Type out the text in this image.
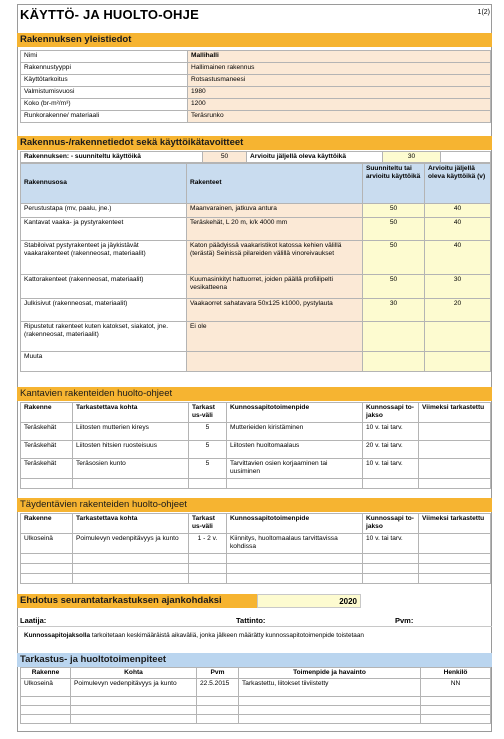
KÄYTTÖ- JA HUOLTO-OHJE	1(2)
Rakennuksen yleistiedot
Nimi	Mallihalli
Rakennustyyppi	Hallimainen rakennus
Käyttötarkoitus	Rotsastusmaneesi
Valmistumisvuosi	1980
Koko (br-m²/m³)	1200
Runkorakenne/ materiaali	Teräsrunko
Rakennus-/rakennetiedot sekä käyttöikätavoitteet
Rakennuksen: - suunniteltu käyttöikä	50	Arvioitu jäljellä oleva käyttöikä	30	
Rakennusosa	Rakenteet	Suunniteltu tai arvioitu käyttöikä	Arvioitu jäljellä oleva käyttöikä (v)
Perustustapa (mv, paalu, jne.)	Maanvarainen, jatkuva antura	50	40
Kantavat vaaka- ja pystyrakenteet	Teräskehät, L 20 m, k/k 4000 mm	50	40
Stabiloivat pystyrakenteet ja jäykistävät vaakarakenteet (rakenneosat, materiaalit)	Katon päädyissä vaakaristikot katossa kehien välillä (terästä) Seinissä pilareiden välillä vinoreivaukset	50	40
Kattorakenteet (rakenneosat, materiaalit)	Kuumasinkityt hattuorret, joiden päällä profiilipelti vesikatteena	50	30
Julkisivut (rakenneosat, materiaalit)	Vaakaorret sahatavara 50x125 k1000, pystylauta	30	20
Ripustetut rakenteet kuten katokset, siakatot, jne. (rakenneosat, materiaalit)	Ei ole		
Muuta			
Kantavien rakenteiden huolto-ohjeet
Rakenne	Tarkastettava kohta	Tarkast us-väli	Kunnossapitotoimenpide	Kunnossapi to-jakso	Viimeksi tarkastettu
Teräskehät	Liitosten mutterien kireys	5	Mutterieiden kiristäminen	10 v. tai tarv.	
Teräskehät	Liitosten hitsien ruosteisuus	5	Liitosten huoltomaalaus	20 v. tai tarv.	
Teräskehät	Teräsosien kunto	5	Tarvittavien osien korjaaminen tai uusiminen	10 v. tai tarv.	

Täydentävien rakenteiden huolto-ohjeet
Rakenne	Tarkastettava kohta	Tarkast us-väli	Kunnossapitotoimenpide	Kunnossapi to-jakso	Viimeksi tarkastettu
Ulkoseinä	Poimulevyn vedenpitävyys ja kunto	1 - 2 v.	Kiinnitys, huoltomaalaus tarvittavissa kohdissa	10 v. tai tarv.	

Ehdotus seurantatarkastuksen ajankohdaksi	2020
Laatija:	Tattinto:	Pvm:
Kunnossapitojaksolla tarkoitetaan keskimääräistä aikaväliä, jonka jälkeen määrätty kunnossapitotoimenpide toistetaan
Tarkastus- ja huoltotoimenpiteet
Rakenne	Kohta	Pvm	Toimenpide ja havainto	Henkilö
Ulkoseinä	Poimulevyn vedenpitävyys ja kunto	22.5.2015	Tarkastettu, liitokset tiiviistetty	NN
